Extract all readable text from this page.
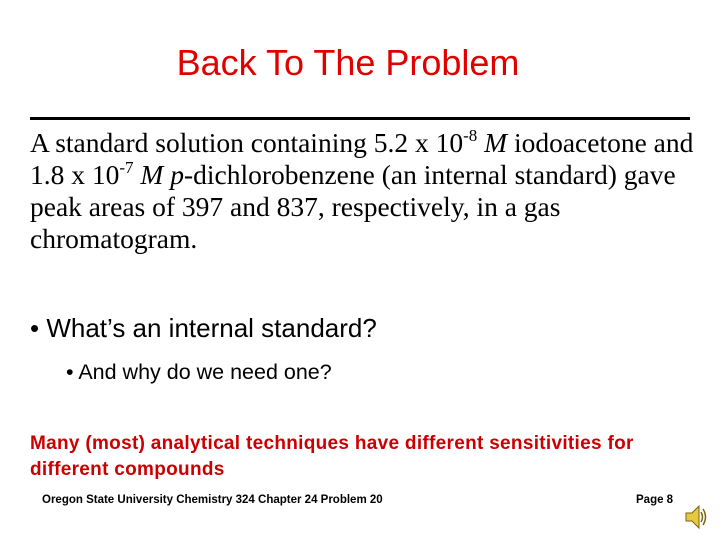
Back To The Problem
A standard solution containing 5.2 x $10^{-8}$ M iodoacetone and 1.8 x $10^{-7}$ M p-dichlorobenzene (an internal standard) gave peak areas of 397 and 837, respectively, in a gas chromatogram.
• What’s an internal standard?
• And why do we need one?
Many (most) analytical techniques have different sensitivities for different compounds
Oregon State University Chemistry 324 Chapter 24 Problem 20	Page 8
